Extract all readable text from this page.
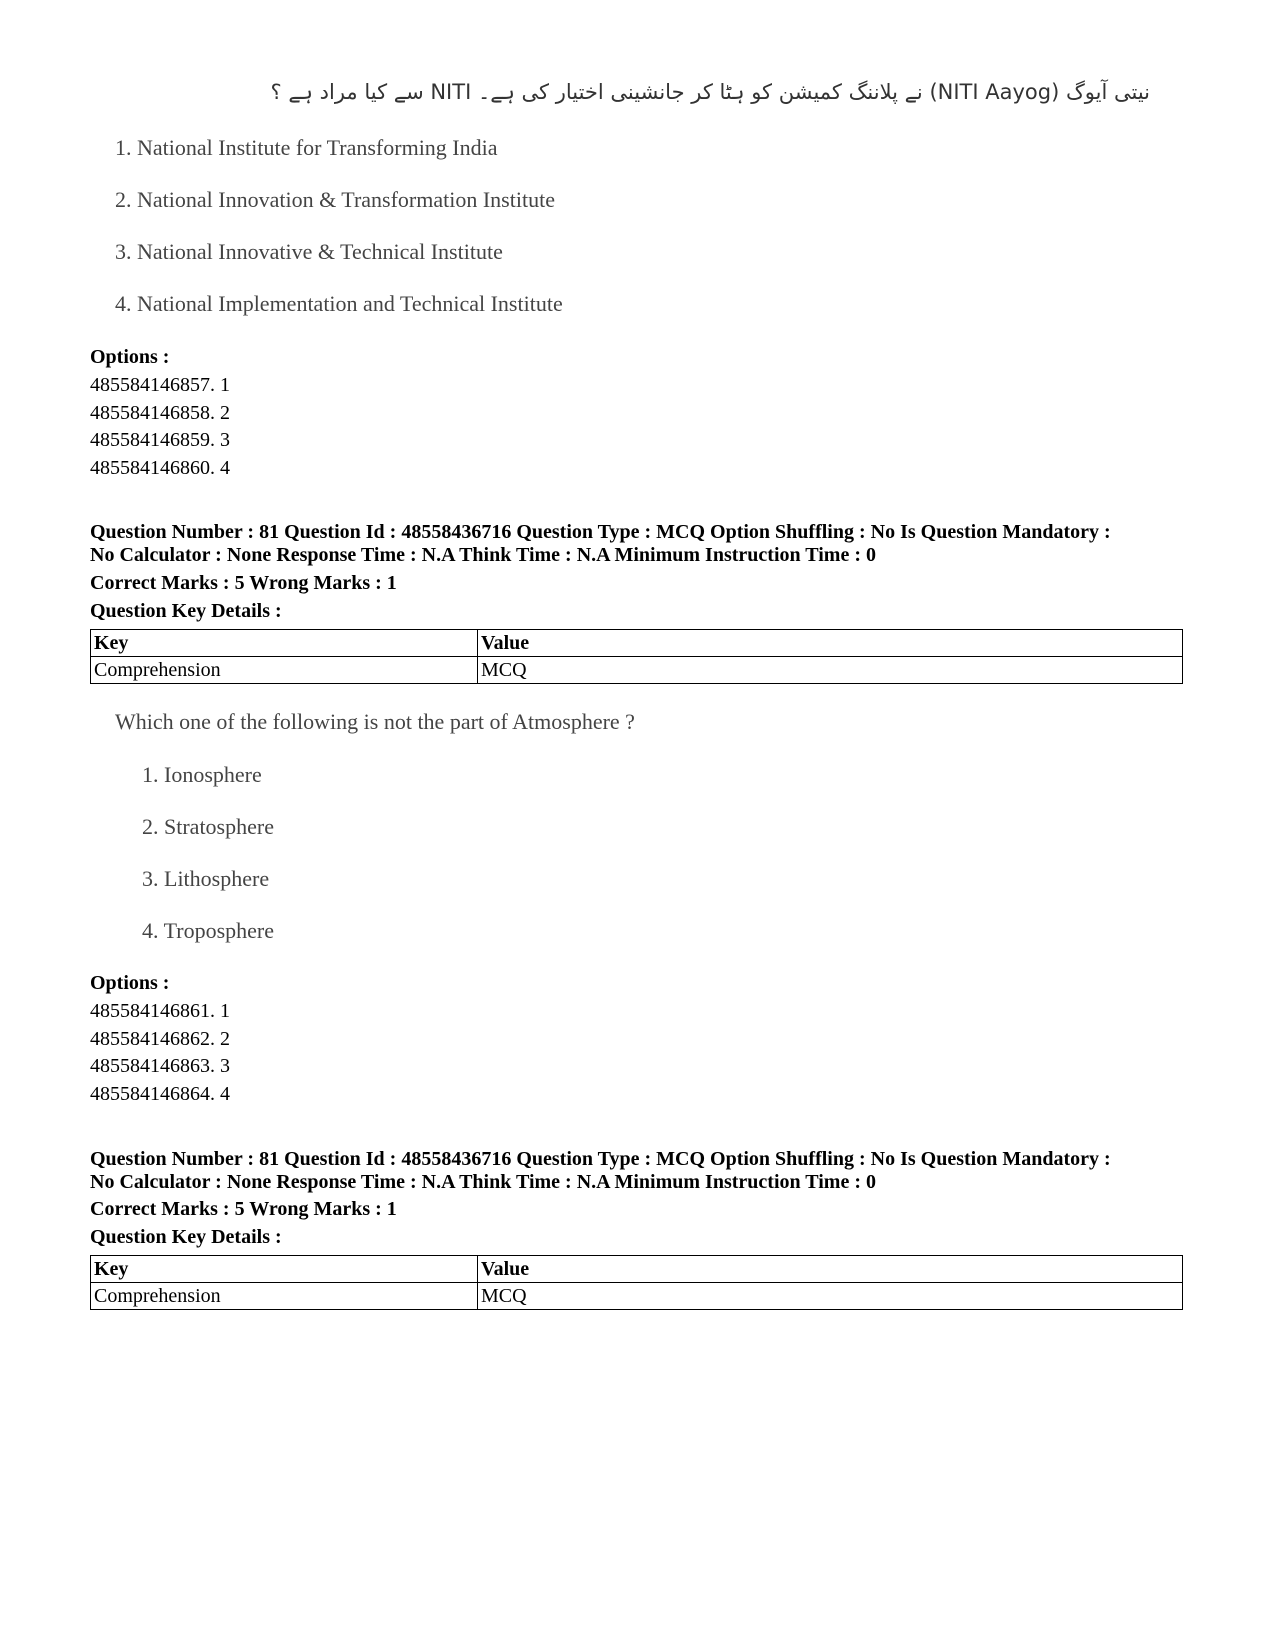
نیتی آیوگ (NITI Aayog) نے پلاننگ کمیشن کو ہٹا کر جانشینی اختیار کی ہے۔ NITI سے کیا مراد ہے ؟
1. National Institute for Transforming India
2. National Innovation & Transformation Institute
3. National Innovative & Technical Institute
4. National Implementation and Technical Institute
Options :
485584146857. 1
485584146858. 2
485584146859. 3
485584146860. 4
Question Number : 81 Question Id : 48558436716 Question Type : MCQ Option Shuffling : No Is Question Mandatory :
No Calculator : None Response Time : N.A Think Time : N.A Minimum Instruction Time : 0
Correct Marks : 5 Wrong Marks : 1
Question Key Details :
Key	Value
Comprehension	MCQ
Which one of the following is not the part of Atmosphere ?
1. Ionosphere
2. Stratosphere
3. Lithosphere
4. Troposphere
Options :
485584146861. 1
485584146862. 2
485584146863. 3
485584146864. 4
Question Number : 81 Question Id : 48558436716 Question Type : MCQ Option Shuffling : No Is Question Mandatory :
No Calculator : None Response Time : N.A Think Time : N.A Minimum Instruction Time : 0
Correct Marks : 5 Wrong Marks : 1
Question Key Details :
Key	Value
Comprehension	MCQ
